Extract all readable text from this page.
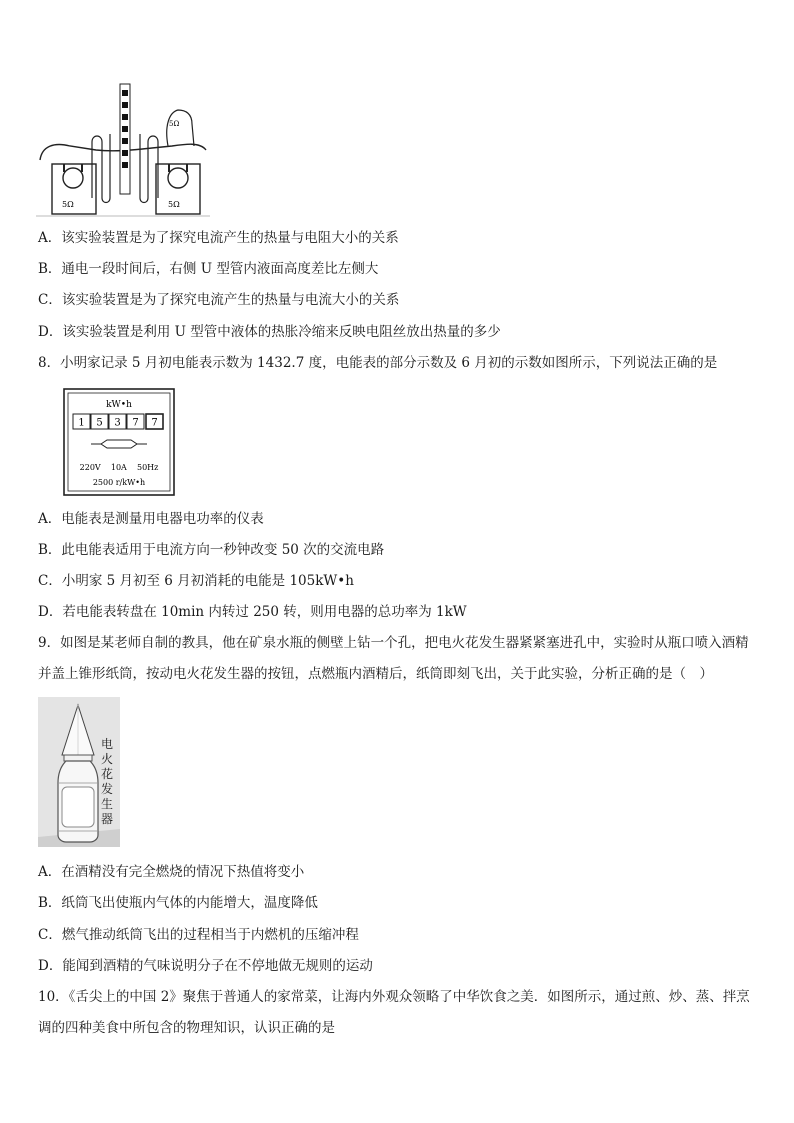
5Ω	5Ω
5Ω
A．该实验装置是为了探究电流产生的热量与电阻大小的关系
B．通电一段时间后，右侧 U 型管内液面高度差比左侧大
C．该实验装置是为了探究电流产生的热量与电流大小的关系
D．该实验装置是利用 U 型管中液体的热胀冷缩来反映电阻丝放出热量的多少
8．小明家记录 5 月初电能表示数为 1432.7 度，电能表的部分示数及 6 月初的示数如图所示，下列说法正确的是
kW•h
1 5 3 7 7
220V    10A    50Hz
2500 r/kW•h
A．电能表是测量用电器电功率的仪表
B．此电能表适用于电流方向一秒钟改变 50 次的交流电路
C．小明家 5 月初至 6 月初消耗的电能是 105kW•h
D．若电能表转盘在 10min 内转过 250 转，则用电器的总功率为 1kW
9．如图是某老师自制的教具，他在矿泉水瓶的侧壁上钻一个孔，把电火花发生器紧紧塞进孔中，实验时从瓶口喷入酒精并盖上锥形纸筒，按动电火花发生器的按钮，点燃瓶内酒精后，纸筒即刻飞出，关于此实验，分析正确的是（　）
电
火
花
发
生
器
A．在酒精没有完全燃烧的情况下热值将变小
B．纸筒飞出使瓶内气体的内能增大，温度降低
C．燃气推动纸筒飞出的过程相当于内燃机的压缩冲程
D．能闻到酒精的气味说明分子在不停地做无规则的运动
10．《舌尖上的中国 2》聚焦于普通人的家常菜，让海内外观众领略了中华饮食之美．如图所示，通过煎、炒、蒸、拌烹调的四种美食中所包含的物理知识，认识正确的是
